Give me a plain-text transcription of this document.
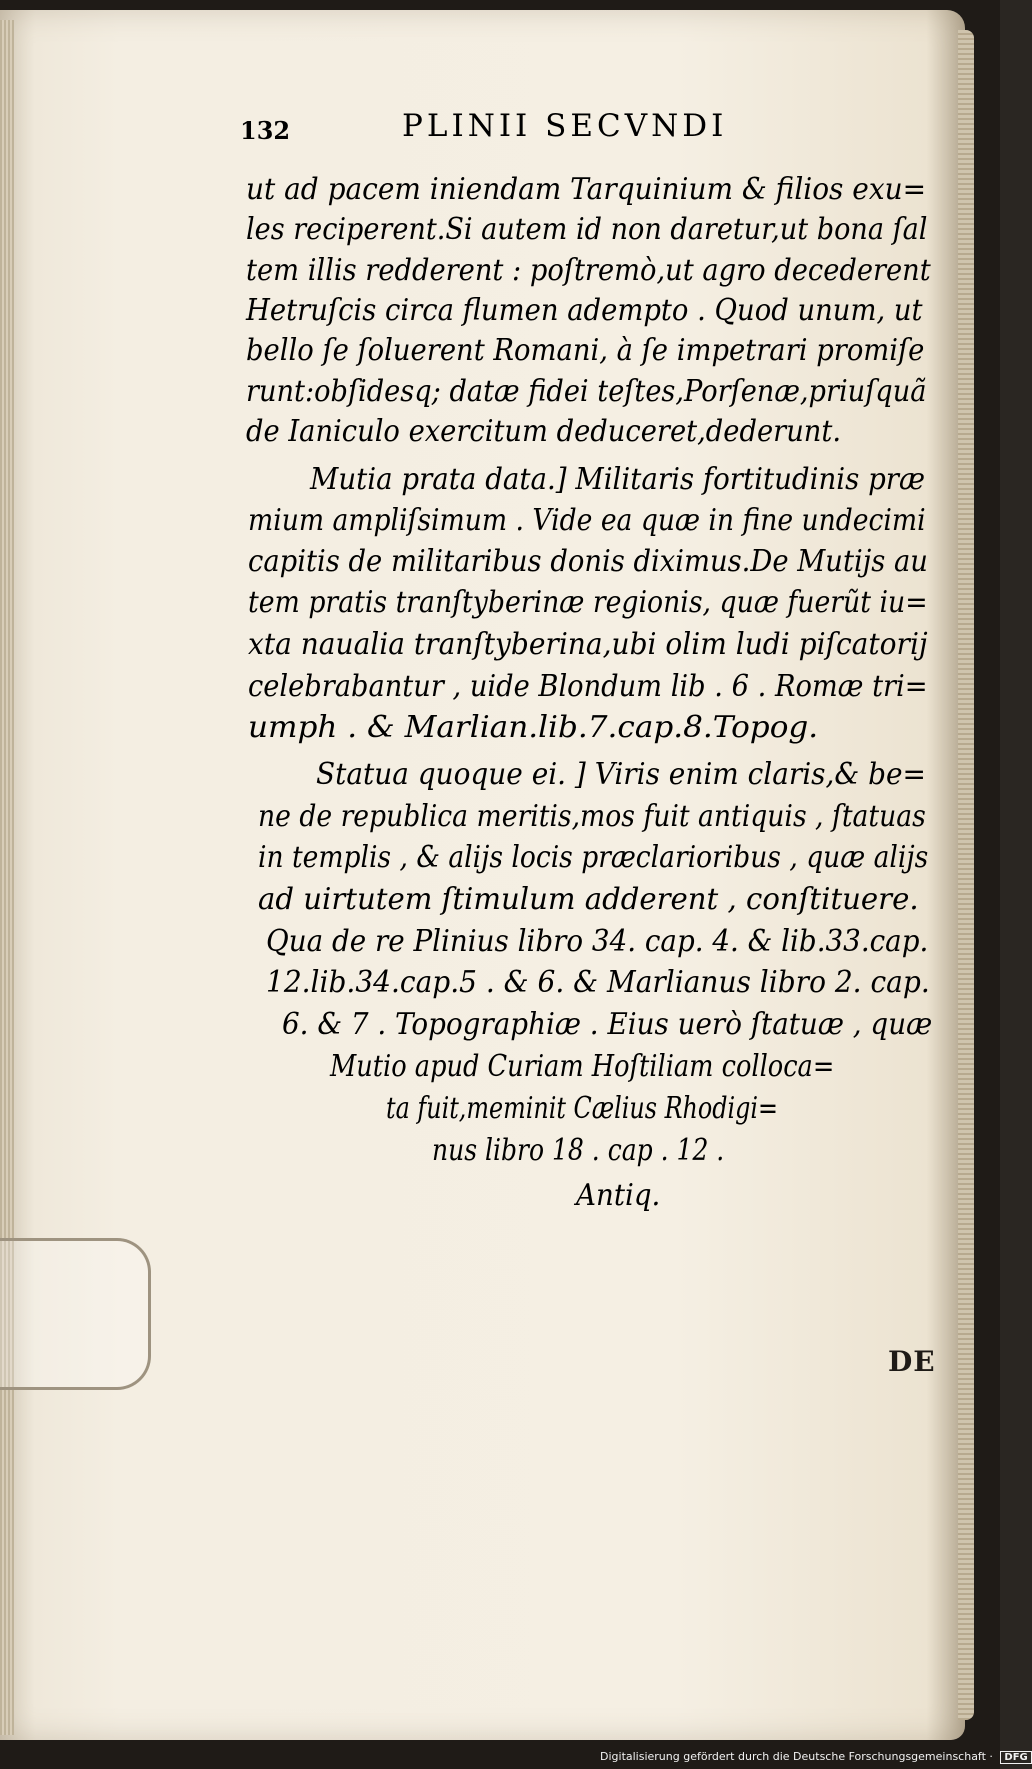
132	PLINII SECVNDI
ut ad pacem iniendam Tarquinium & filios exu=
les reciperent.Si autem id non daretur,ut bona ſal
tem illis redderent : poſtremò,ut agro decederent
Hetruſcis circa flumen adempto . Quod unum, ut
bello ſe ſoluerent Romani, à ſe impetrari promiſe
runt:obſidesq; datæ fidei teſtes,Porſenæ,priuſquã
de Ianiculo exercitum deduceret,dederunt.
Mutia prata data.] Militaris fortitudinis præ
mium ampliſsimum . Vide ea quæ in fine undecimi
capitis de militaribus donis diximus.De Mutijs au
tem pratis tranſtyberinæ regionis, quæ fuerũt iu=
xta naualia tranſtyberina,ubi olim ludi piſcatorij
celebrabantur , uide Blondum lib . 6 . Romæ tri=
umph . & Marlian.lib.7.cap.8.Topog.
Statua quoque ei. ] Viris enim claris,& be=
ne de republica meritis,mos fuit antiquis , ſtatuas
in templis , & alijs locis præclarioribus , quæ alijs
ad uirtutem ſtimulum adderent , conſtituere.
Qua de re Plinius libro 34. cap. 4. & lib.33.cap.
12.lib.34.cap.5 . & 6. & Marlianus libro 2. cap.
6. & 7 . Topographiæ . Eius uerò ſtatuæ , quæ
Mutio apud Curiam Hoſtiliam colloca=
ta fuit,meminit Cælius Rhodigi=
nus libro 18 . cap . 12 .
Antiq.
DE
Digitalisierung gefördert durch die Deutsche Forschungsgemeinschaft · DFG
